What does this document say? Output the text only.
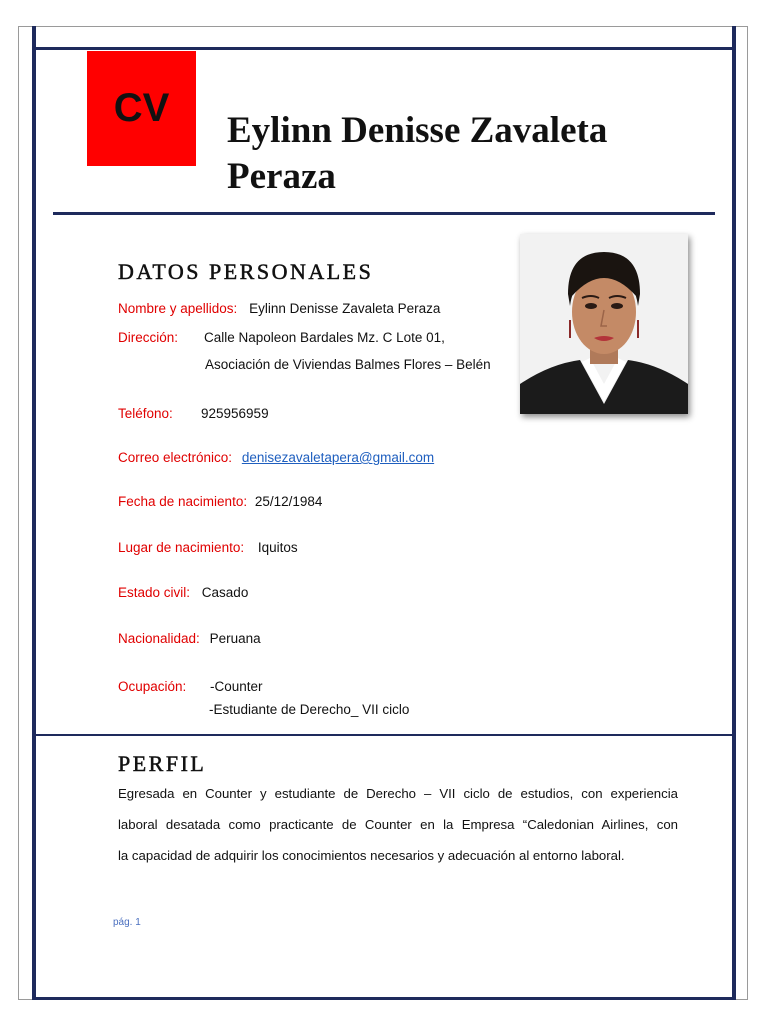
CV
Eylinn Denisse Zavaleta
Peraza
DATOS PERSONALES
Nombre y apellidos: Eylinn Denisse Zavaleta Peraza
Dirección: Calle Napoleon Bardales Mz. C Lote 01,
Asociación de Viviendas Balmes Flores – Belén
Teléfono: 925956959
Correo electrónico: denisezavaletapera@gmail.com
Fecha de nacimiento: 25/12/1984
Lugar de nacimiento: Iquitos
Estado civil: Casado
Nacionalidad: Peruana
Ocupación: -Counter
-Estudiante de Derecho_ VII ciclo
PERFIL

Egresada en Counter y estudiante de Derecho – VII ciclo de estudios, con experiencia

laboral desatada como practicante de Counter en la Empresa “Caledonian Airlines, con

la capacidad de adquirir los conocimientos necesarios y adecuación al entorno laboral.

pág. 1
